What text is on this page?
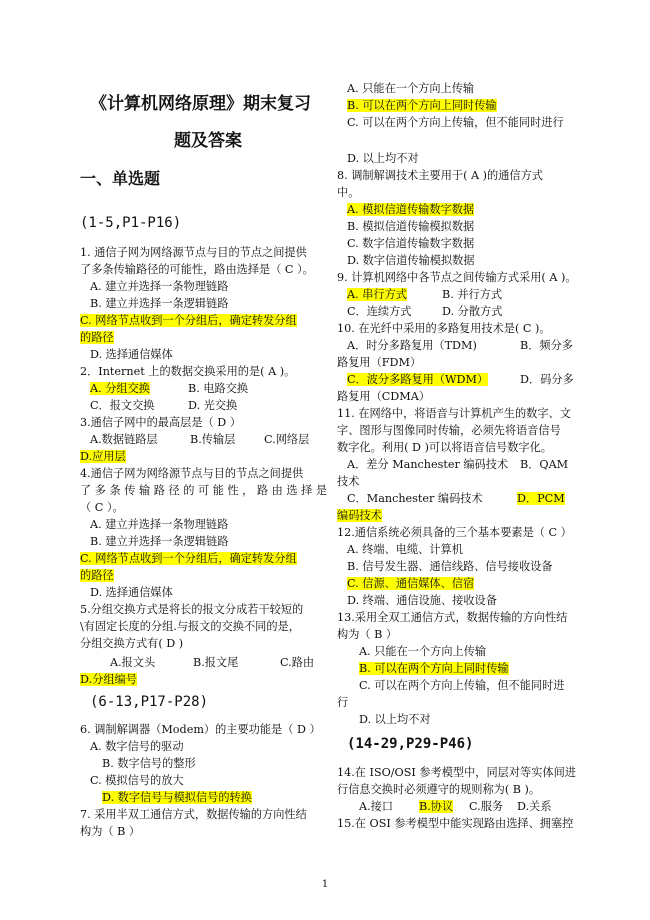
《计算机网络原理》期末复习
题及答案
一、单选题
(1-5,P1-P16)
1. 通信子网为网络源节点与目的节点之间提供
了多条传输路径的可能性，路由选择是（ C ）。
A. 建立并选择一条物理链路
B. 建立并选择一条逻辑链路
C. 网络节点收到一个分组后，确定转发分组
的路径
D. 选择通信媒体
2．Internet 上的数据交换采用的是( A )。
A. 分组交换	B. 电路交换
C．报文交换	D. 光交换
3.通信子网中的最高层是（ D ）
A.数据链路层	B.传输层	C.网络层
D.应用层
4.通信子网为网络源节点与目的节点之间提供
了 多 条 传 输 路 径 的 可 能 性 ， 路 由 选 择 是
（ C ）。
A. 建立并选择一条物理链路
B. 建立并选择一条逻辑链路
C. 网络节点收到一个分组后，确定转发分组
的路径
D. 选择通信媒体
5.分组交换方式是将长的报文分成若干较短的
\有固定长度的分组.与报文的交换不同的是，
分组交换方式有( D )
A.报文头	B.报文尾	C.路由
D.分组编号
(6-13,P17-P28)
6. 调制解调器（Modem）的主要功能是（ D ）
A. 数字信号的驱动
B. 数字信号的整形
C. 模拟信号的放大
D. 数字信号与模拟信号的转换
7. 采用半双工通信方式，数据传输的方向性结
构为（ B ）
A. 只能在一个方向上传输
B. 可以在两个方向上同时传输
C. 可以在两个方向上传输，但不能同时进行
D. 以上均不对
8. 调制解调技术主要用于( A )的通信方式
中。
A. 模拟信道传输数字数据
B. 模拟信道传输模拟数据
C. 数字信道传输数字数据
D. 数字信道传输模拟数据
9. 计算机网络中各节点之间传输方式采用( A )。
A. 串行方式	B. 并行方式
C．连续方式	D. 分散方式
10. 在光纤中采用的多路复用技术是( C )。
A．时分多路复用（TDM)	B．频分多
路复用（FDM）
C．波分多路复用（WDM）	D．码分多
路复用（CDMA）
11. 在网络中，将语音与计算机产生的数字、文
字、图形与图像同时传输，必须先将语音信号
数字化。利用( D )可以将语音信号数字化。
A．差分 Manchester 编码技术 B．QAM
技术
C．Manchester 编码技术	D．PCM
编码技术
12.通信系统必须具备的三个基本要素是（ C ）
A. 终端、电缆、计算机
B. 信号发生器、通信线路、信号接收设备
C. 信源、通信媒体、信宿
D. 终端、通信设施、接收设备
13.采用全双工通信方式，数据传输的方向性结
构为（ B ）
A. 只能在一个方向上传输
B. 可以在两个方向上同时传输
C. 可以在两个方向上传输，但不能同时进
行
D. 以上均不对
(14-29,P29-P46)
14.在 ISO/OSI 参考模型中，同层对等实体间进
行信息交换时必须遵守的规则称为( B )。
A.接口 B.协议 C.服务 D.关系
15.在 OSI 参考模型中能实现路由选择、拥塞控
1
